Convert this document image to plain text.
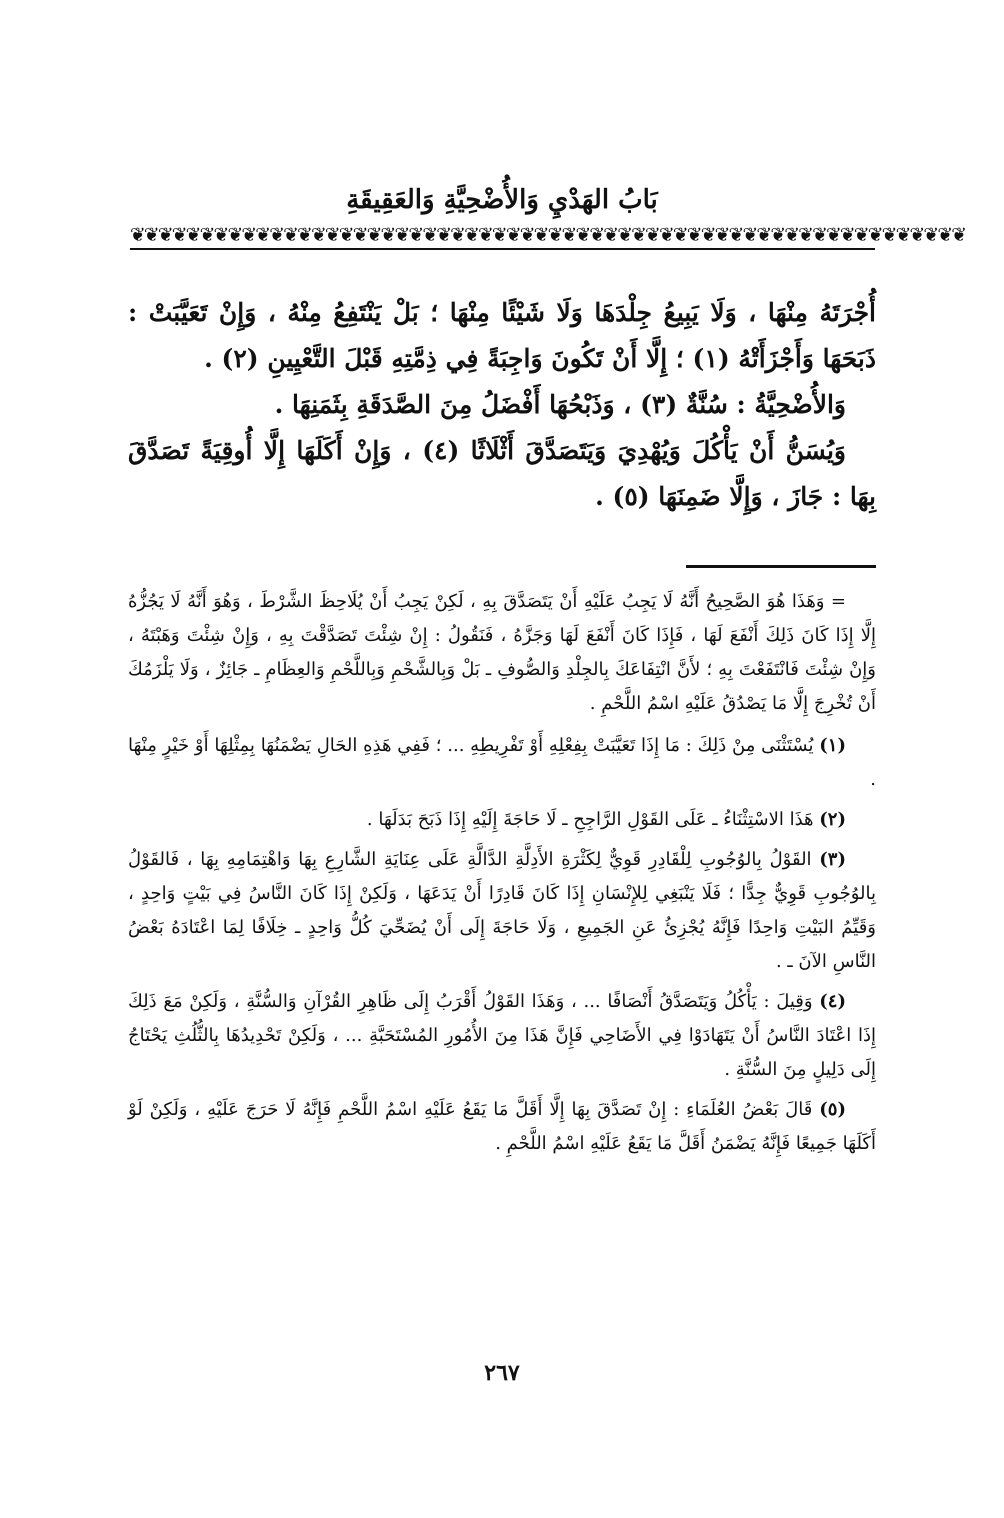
بَابُ الهَدْيِ وَالأُضْحِيَّةِ وَالعَقِيقَةِ
❦❦❦❦❦❦❦❦❦❦❦❦❦❦❦❦❦❦❦❦❦❦❦❦❦❦❦❦❦❦❦❦❦❦❦❦❦❦❦❦❦❦❦❦❦❦❦❦❦❦❦❦❦❦❦❦❦❦❦❦

أُجْرَتَهُ مِنْهَا ، وَلَا يَبِيعُ جِلْدَهَا وَلَا شَيْئًا مِنْهَا ؛ بَلْ يَنْتَفِعُ مِنْهُ ، وَإِنْ تَعَيَّبَتْ : ذَبَحَهَا وَأَجْزَأَتْهُ (١) ؛ إِلَّا أَنْ تَكُونَ وَاجِبَةً فِي ذِمَّتِهِ قَبْلَ التَّعْيِينِ (٢) .

وَالأُضْحِيَّةُ : سُنَّةٌ (٣) ، وَذَبْحُهَا أَفْضَلُ مِنَ الصَّدَقَةِ بِثَمَنِهَا .

وَيُسَنُّ أَنْ يَأْكُلَ وَيُهْدِيَ وَيَتَصَدَّقَ أَثْلَاثًا (٤) ، وَإِنْ أَكَلَهَا إِلَّا أُوقِيَةً تَصَدَّقَ بِهَا : جَازَ ، وَإِلَّا ضَمِنَهَا (٥) .

= وَهَذَا هُوَ الصَّحِيحُ أَنَّهُ لَا يَجِبُ عَلَيْهِ أَنْ يَتَصَدَّقَ بِهِ ، لَكِنْ يَجِبُ أَنْ يُلَاحِظَ الشَّرْطَ ، وَهُوَ أَنَّهُ لَا يَجُزُّهُ إِلَّا إِذَا كَانَ ذَلِكَ أَنْفَعَ لَهَا ، فَإِذَا كَانَ أَنْفَعَ لَهَا وَجَزَّهُ ، فَنَقُولُ : إِنْ شِئْتَ تَصَدَّقْتَ بِهِ ، وَإِنْ شِئْتَ وَهَبْتَهُ ، وَإِنْ شِئْتَ فَانْتَفَعْتَ بِهِ ؛ لأَنَّ انْتِفَاعَكَ بِالجِلْدِ وَالصُّوفِ ـ بَلْ وَبِالشَّحْمِ وَبِاللَّحْمِ وَالعِظَامِ ـ جَائِزٌ ، وَلَا يَلْزَمُكَ أَنْ تُخْرِجَ إِلَّا مَا يَصْدُقُ عَلَيْهِ اسْمُ اللَّحْمِ .

(١) يُسْتَثْنَى مِنْ ذَلِكَ : مَا إِذَا تَعَيَّبَتْ بِفِعْلِهِ أَوْ تَفْرِيطِهِ ... ؛ فَفِي هَذِهِ الحَالِ يَضْمَنُهَا بِمِثْلِهَا أَوْ خَيْرٍ مِنْهَا .

(٢) هَذَا الاسْتِثْنَاءُ ـ عَلَى القَوْلِ الرَّاجِحِ ـ لَا حَاجَةَ إِلَيْهِ إِذَا ذَبَحَ بَدَلَهَا .

(٣) القَوْلُ بِالوُجُوبِ لِلْقَادِرِ قَوِيٌّ لِكَثْرَةِ الأَدِلَّةِ الدَّالَّةِ عَلَى عِنَايَةِ الشَّارِعِ بِهَا وَاهْتِمَامِهِ بِهَا ، فَالقَوْلُ بِالوُجُوبِ قَوِيٌّ جِدًّا ؛ فَلَا يَنْبَغِي لِلإِنْسَانِ إِذَا كَانَ قَادِرًا أَنْ يَدَعَهَا ، وَلَكِنْ إِذَا كَانَ النَّاسُ فِي بَيْتٍ وَاحِدٍ ، وَقَيِّمُ البَيْتِ وَاحِدًا فَإِنَّهُ يُجْزِئُ عَنِ الجَمِيعِ ، وَلَا حَاجَةَ إِلَى أَنْ يُضَحِّيَ كُلُّ وَاحِدٍ ـ خِلَافًا لِمَا اعْتَادَهُ بَعْضُ النَّاسِ الآنَ ـ .

(٤) وَقِيلَ : يَأْكُلُ وَيَتَصَدَّقُ أَنْصَافًا ... ، وَهَذَا القَوْلُ أَقْرَبُ إِلَى ظَاهِرِ القُرْآنِ وَالسُّنَّةِ ، وَلَكِنْ مَعَ ذَلِكَ إِذَا اعْتَادَ النَّاسُ أَنْ يَتَهَادَوْا فِي الأَضَاحِي فَإِنَّ هَذَا مِنَ الأُمُورِ المُسْتَحَبَّةِ ... ، وَلَكِنْ تَحْدِيدُهَا بِالثُّلُثِ يَحْتَاجُ إِلَى دَلِيلٍ مِنَ السُّنَّةِ .

(٥) قَالَ بَعْضُ العُلَمَاءِ : إِنْ تَصَدَّقَ بِهَا إِلَّا أَقَلَّ مَا يَقَعُ عَلَيْهِ اسْمُ اللَّحْمِ فَإِنَّهُ لَا حَرَجَ عَلَيْهِ ، وَلَكِنْ لَوْ أَكَلَهَا جَمِيعًا فَإِنَّهُ يَضْمَنُ أَقَلَّ مَا يَقَعُ عَلَيْهِ اسْمُ اللَّحْمِ .

٢٦٧
